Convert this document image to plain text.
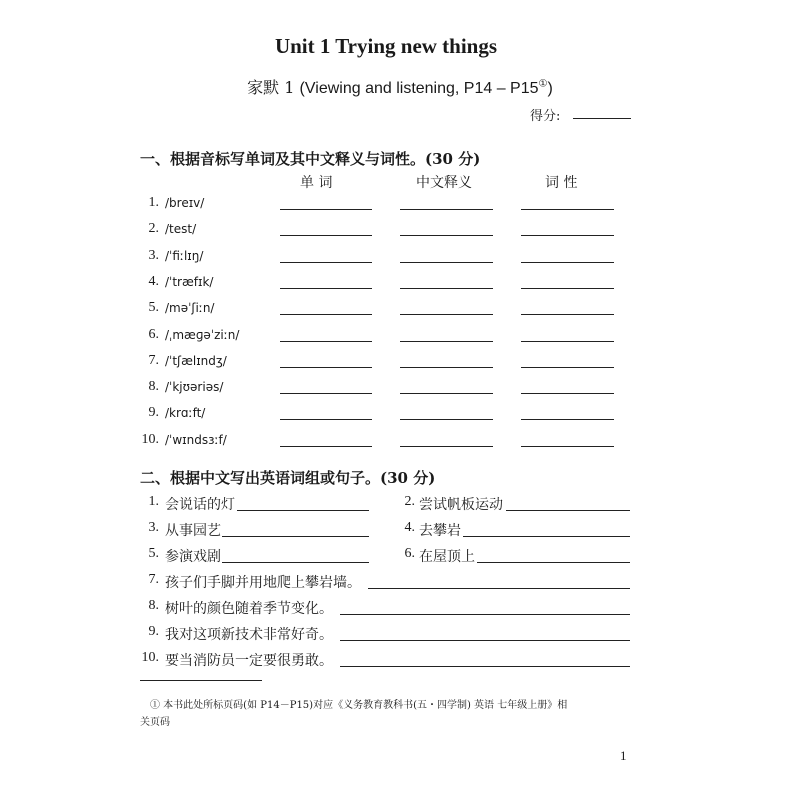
Unit 1 Trying new things
家默 1 (Viewing and listening, P14 – P15①)
得分:
一、根据音标写单词及其中文释义与词性。(30 分)
单 词	中文释义	词 性
1. /breɪv/
2. /test/
3. /ˈfiːlɪŋ/
4. /ˈtræfɪk/
5. /məˈʃiːn/
6. /ˌmæɡəˈziːn/
7. /ˈtʃælɪndʒ/
8. /ˈkjʊəriəs/
9. /krɑːft/
10. /ˈwɪndsɜːf/
二、根据中文写出英语词组或句子。(30 分)
1. 会说话的灯	2. 尝试帆板运动
3. 从事园艺	4. 去攀岩
5. 参演戏剧	6. 在屋顶上
7. 孩子们手脚并用地爬上攀岩墙。
8. 树叶的颜色随着季节变化。
9. 我对这项新技术非常好奇。
10. 要当消防员一定要很勇敢。
① 本书此处所标页码(如 P14－P15)对应《义务教育教科书(五・四学制) 英语 七年级上册》相
关页码
1
